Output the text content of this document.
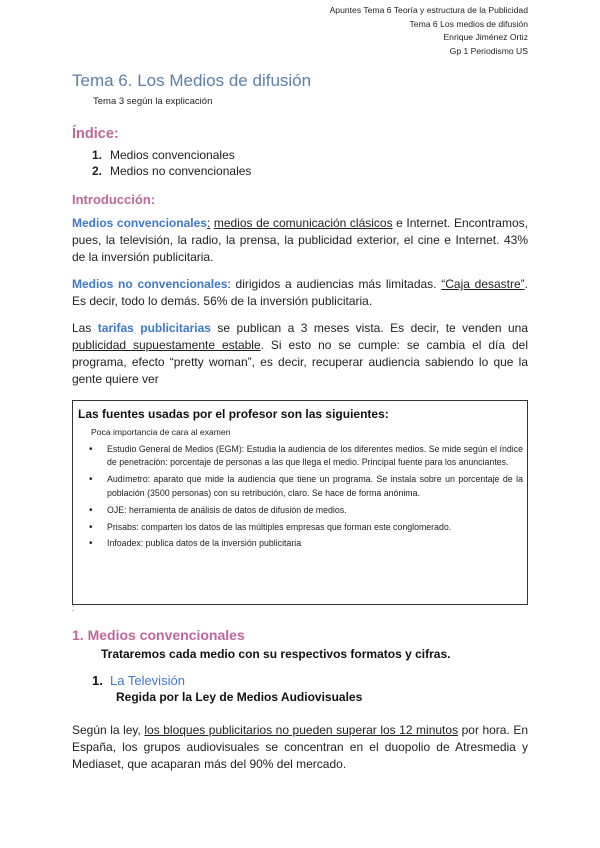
Apuntes Tema 6 Teoría y estructura de la Publicidad
Tema 6 Los medios de difusión
Enrique Jiménez Ortiz
Gp 1 Periodismo US
Tema 6. Los Medios de difusión
Tema 3 según la explicación
Índice:
1. Medios convencionales
2. Medios no convencionales
Introducción:
Medios convencionales: medios de comunicación clásicos e Internet. Encontramos, pues, la televisión, la radio, la prensa, la publicidad exterior, el cine e Internet. 43% de la inversión publicitaria.
Medios no convencionales: dirigidos a audiencias más limitadas. “Caja desastre”. Es decir, todo lo demás. 56% de la inversión publicitaria.
Las tarifas publicitarias se publican a 3 meses vista. Es decir, te venden una publicidad supuestamente estable. Si esto no se cumple: se cambia el día del programa, efecto “pretty woman”, es decir, recuperar audiencia sabiendo lo que la gente quiere ver
Las fuentes usadas por el profesor son las siguientes:
Poca importancia de cara al examen
• Estudio General de Medios (EGM): Estudia la audiencia de los diferentes medios. Se mide según el índice de penetración: porcentaje de personas a las que llega el medio. Principal fuente para los anunciantes.
• Audímetro: aparato que mide la audiencia que tiene un programa. Se instala sobre un porcentaje de la población (3500 personas) con su retribución, claro. Se hace de forma anónima.
• OJE: herramienta de análisis de datos de difusión de medios.
• Prisabs: comparten los datos de las múltiples empresas que forman este conglomerado.
• Infoadex: publica datos de la inversión publicitaria
°
°
1. Medios convencionales
Trataremos cada medio con su respectivos formatos y cifras.
1. La Televisión
Regida por la Ley de Medios Audiovisuales
Según la ley, los bloques publicitarios no pueden superar los 12 minutos por hora. En España, los grupos audiovisuales se concentran en el duopolio de Atresmedia y Mediaset, que acaparan más del 90% del mercado.
